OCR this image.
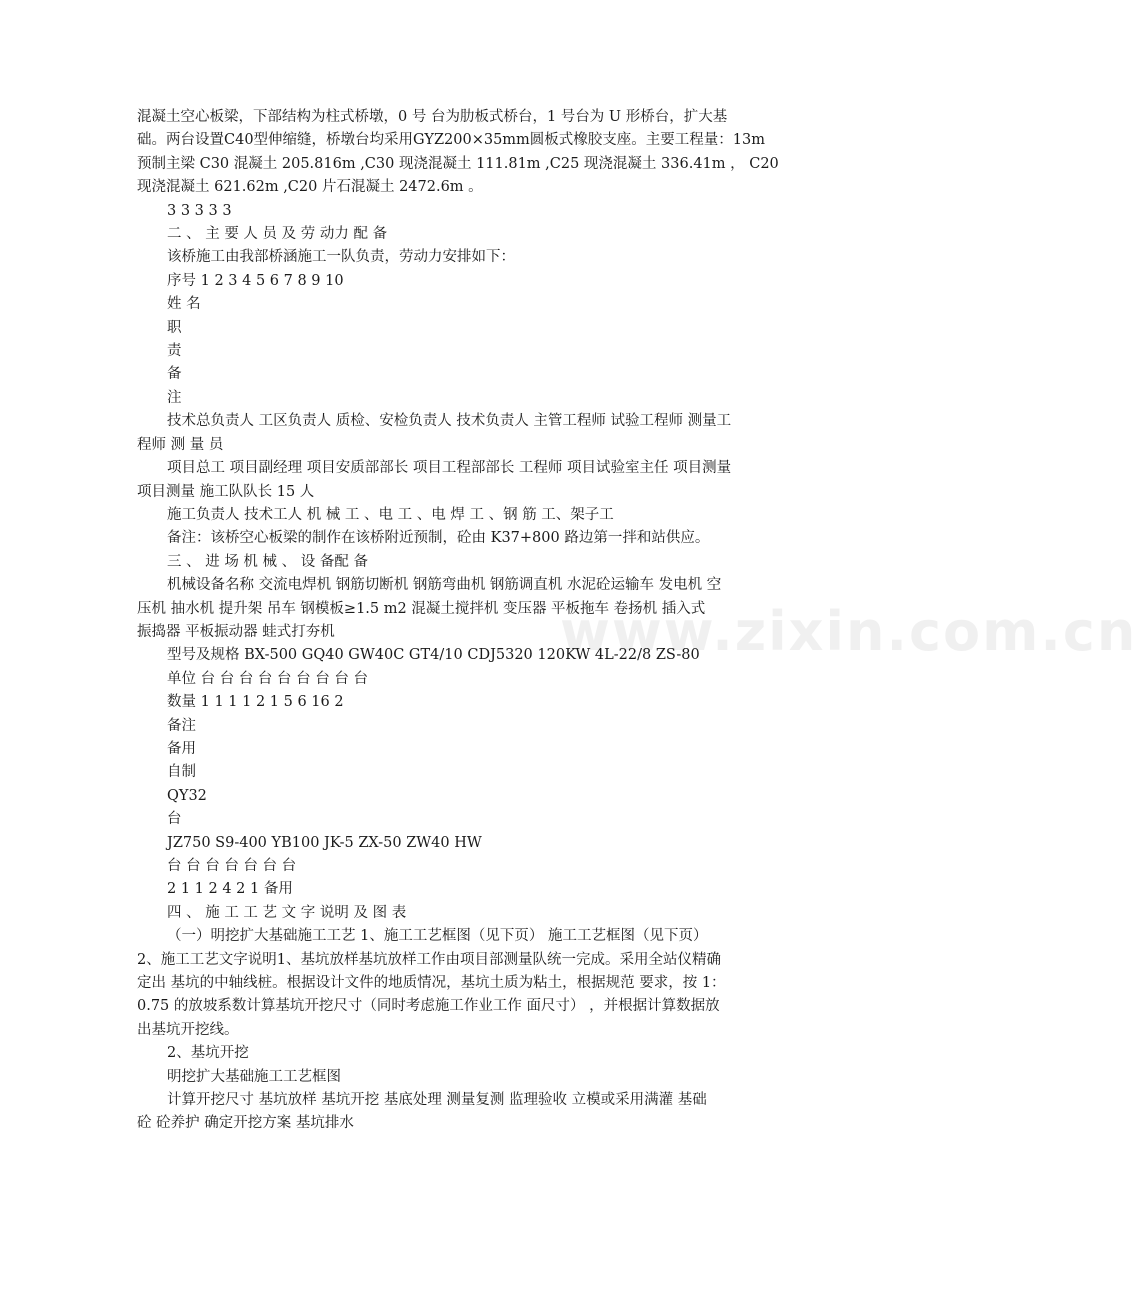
www.zixin.com.cn
混凝土空心板梁，下部结构为柱式桥墩，0 号 台为肋板式桥台，1 号台为 U 形桥台，扩大基
础。两台设置C40型伸缩缝，桥墩台均采用GYZ200×35mm圆板式橡胶支座。主要工程量：13m
预制主梁 C30 混凝土 205.816m ,C30 现浇混凝土 111.81m ,C25 现浇混凝土 336.41m ， C20
现浇混凝土 621.62m ,C20 片石混凝土 2472.6m 。
3 3 3 3 3
二 、 主 要 人 员 及 劳 动力 配 备
该桥施工由我部桥涵施工一队负责，劳动力安排如下：
序号 1 2 3 4 5 6 7 8 9 10
姓 名
职
责
备
注
技术总负责人 工区负责人 质检、安检负责人 技术负责人 主管工程师 试验工程师 测量工
程师 测 量 员
项目总工 项目副经理 项目安质部部长 项目工程部部长 工程师 项目试验室主任 项目测量
项目测量 施工队队长 15 人
施工负责人 技术工人 机 械 工 、电 工 、电 焊 工 、钢 筋 工、架子工
备注：该桥空心板梁的制作在该桥附近预制，砼由 K37+800 路边第一拌和站供应。
三 、 进 场 机 械 、 设 备配 备
机械设备名称 交流电焊机 钢筋切断机 钢筋弯曲机 钢筋调直机 水泥砼运输车 发电机 空
压机 抽水机 提升架 吊车 钢模板≥1.5 m2 混凝土搅拌机 变压器 平板拖车 卷扬机 插入式
振捣器 平板振动器 蛙式打夯机
型号及规格 BX-500 GQ40 GW40C GT4/10 CDJ5320 120KW 4L-22/8 ZS-80
单位 台 台 台 台 台 台 台 台 台
数量 1 1 1 1 2 1 5 6 16 2
备注
备用
自制
QY32
台
JZ750 S9-400 YB100 JK-5 ZX-50 ZW40 HW
台 台 台 台 台 台 台
2 1 1 2 4 2 1 备用
四 、 施 工 工 艺 文 字 说明 及 图 表
（一）明挖扩大基础施工工艺 1、施工工艺框图（见下页） 施工工艺框图（见下页）
2、施工工艺文字说明1、基坑放样基坑放样工作由项目部测量队统一完成。采用全站仪精确
定出 基坑的中轴线桩。根据设计文件的地质情况，基坑土质为粘土，根据规范 要求，按 1：
0.75 的放坡系数计算基坑开挖尺寸（同时考虑施工作业工作 面尺寸） ，并根据计算数据放
出基坑开挖线。
2、基坑开挖
明挖扩大基础施工工艺框图
计算开挖尺寸 基坑放样 基坑开挖 基底处理 测量复测 监理验收 立模或采用满灌 基础
砼 砼养护 确定开挖方案 基坑排水
